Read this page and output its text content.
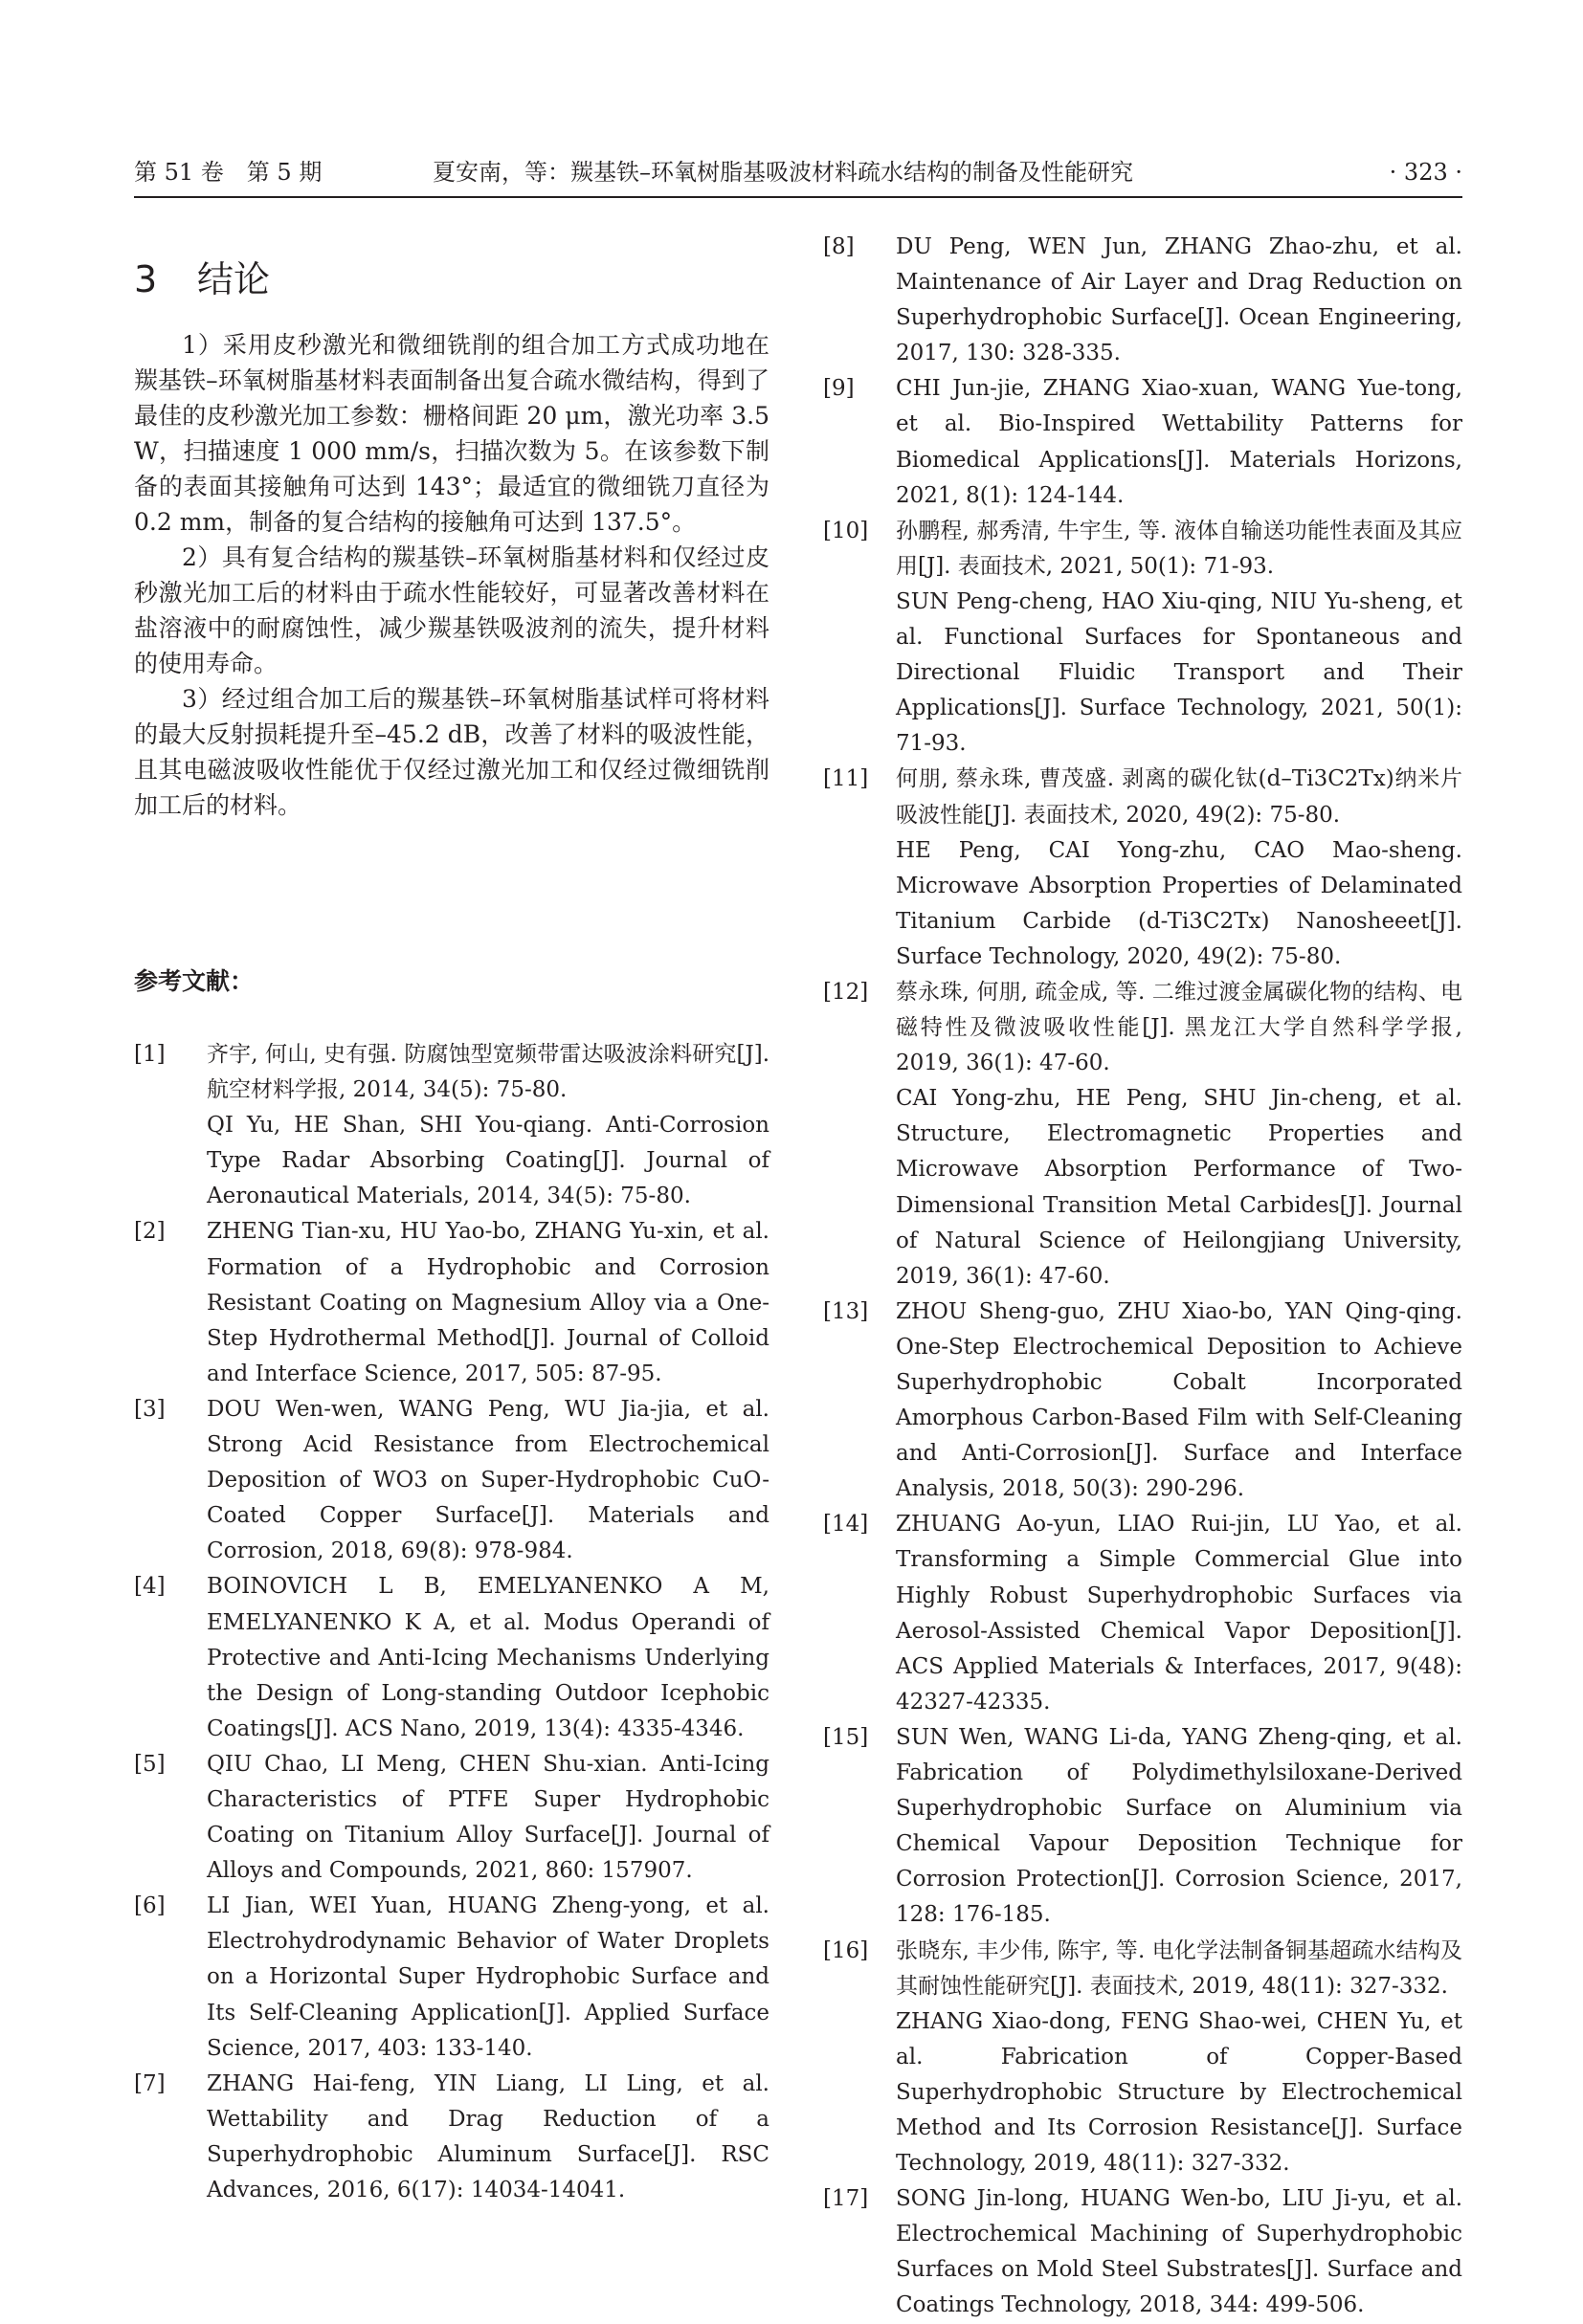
第 51 卷　第 5 期	夏安南，等：羰基铁–环氧树脂基吸波材料疏水结构的制备及性能研究	· 323 ·
3 结论

1）采用皮秒激光和微细铣削的组合加工方式成功地在羰基铁–环氧树脂基材料表面制备出复合疏水微结构，得到了最佳的皮秒激光加工参数：栅格间距 20 μm，激光功率 3.5 W，扫描速度 1 000 mm/s，扫描次数为 5。在该参数下制备的表面其接触角可达到 143°；最适宜的微细铣刀直径为 0.2 mm，制备的复合结构的接触角可达到 137.5°。

2）具有复合结构的羰基铁–环氧树脂基材料和仅经过皮秒激光加工后的材料由于疏水性能较好，可显著改善材料在盐溶液中的耐腐蚀性，减少羰基铁吸波剂的流失，提升材料的使用寿命。

3）经过组合加工后的羰基铁–环氧树脂基试样可将材料的最大反射损耗提升至–45.2 dB，改善了材料的吸波性能，且其电磁波吸收性能优于仅经过激光加工和仅经过微细铣削加工后的材料。

参考文献：
[1] 齐宇, 何山, 史有强. 防腐蚀型宽频带雷达吸波涂料研究[J]. 航空材料学报, 2014, 34(5): 75-80.
QI Yu, HE Shan, SHI You-qiang. Anti-Corrosion Type Radar Absorbing Coating[J]. Journal of Aeronautical Materials, 2014, 34(5): 75-80.
[2] ZHENG Tian-xu, HU Yao-bo, ZHANG Yu-xin, et al. Formation of a Hydrophobic and Corrosion Resistant Coating on Magnesium Alloy via a One-Step Hydrothermal Method[J]. Journal of Colloid and Interface Science, 2017, 505: 87-95.
[3] DOU Wen-wen, WANG Peng, WU Jia-jia, et al. Strong Acid Resistance from Electrochemical Deposition of WO3 on Super-Hydrophobic CuO-Coated Copper Surface[J]. Materials and Corrosion, 2018, 69(8): 978-984.
[4] BOINOVICH L B, EMELYANENKO A M, EMELYANENKO K A, et al. Modus Operandi of Protective and Anti-Icing Mechanisms Underlying the Design of Long-standing Outdoor Icephobic Coatings[J]. ACS Nano, 2019, 13(4): 4335-4346.
[5] QIU Chao, LI Meng, CHEN Shu-xian. Anti-Icing Characteristics of PTFE Super Hydrophobic Coating on Titanium Alloy Surface[J]. Journal of Alloys and Compounds, 2021, 860: 157907.
[6] LI Jian, WEI Yuan, HUANG Zheng-yong, et al. Electrohydrodynamic Behavior of Water Droplets on a Horizontal Super Hydrophobic Surface and Its Self-Cleaning Application[J]. Applied Surface Science, 2017, 403: 133-140.
[7] ZHANG Hai-feng, YIN Liang, LI Ling, et al. Wettability and Drag Reduction of a Superhydrophobic Aluminum Surface[J]. RSC Advances, 2016, 6(17): 14034-14041.
[8] DU Peng, WEN Jun, ZHANG Zhao-zhu, et al. Maintenance of Air Layer and Drag Reduction on Superhydrophobic Surface[J]. Ocean Engineering, 2017, 130: 328-335.
[9] CHI Jun-jie, ZHANG Xiao-xuan, WANG Yue-tong, et al. Bio-Inspired Wettability Patterns for Biomedical Applications[J]. Materials Horizons, 2021, 8(1): 124-144.
[10] 孙鹏程, 郝秀清, 牛宇生, 等. 液体自输送功能性表面及其应用[J]. 表面技术, 2021, 50(1): 71-93.
SUN Peng-cheng, HAO Xiu-qing, NIU Yu-sheng, et al. Functional Surfaces for Spontaneous and Directional Fluidic Transport and Their Applications[J]. Surface Technology, 2021, 50(1): 71-93.
[11] 何朋, 蔡永珠, 曹茂盛. 剥离的碳化钛(d–Ti3C2Tx)纳米片吸波性能[J]. 表面技术, 2020, 49(2): 75-80.
HE Peng, CAI Yong-zhu, CAO Mao-sheng. Microwave Absorption Properties of Delaminated Titanium Carbide (d-Ti3C2Tx) Nanosheeet[J]. Surface Technology, 2020, 49(2): 75-80.
[12] 蔡永珠, 何朋, 疏金成, 等. 二维过渡金属碳化物的结构、电磁特性及微波吸收性能[J]. 黑龙江大学自然科学学报, 2019, 36(1): 47-60.
CAI Yong-zhu, HE Peng, SHU Jin-cheng, et al. Structure, Electromagnetic Properties and Microwave Absorption Performance of Two-Dimensional Transition Metal Carbides[J]. Journal of Natural Science of Heilongjiang University, 2019, 36(1): 47-60.
[13] ZHOU Sheng-guo, ZHU Xiao-bo, YAN Qing-qing. One-Step Electrochemical Deposition to Achieve Superhydrophobic Cobalt Incorporated Amorphous Carbon-Based Film with Self-Cleaning and Anti-Corrosion[J]. Surface and Interface Analysis, 2018, 50(3): 290-296.
[14] ZHUANG Ao-yun, LIAO Rui-jin, LU Yao, et al. Transforming a Simple Commercial Glue into Highly Robust Superhydrophobic Surfaces via Aerosol-Assisted Chemical Vapor Deposition[J]. ACS Applied Materials & Interfaces, 2017, 9(48): 42327-42335.
[15] SUN Wen, WANG Li-da, YANG Zheng-qing, et al. Fabrication of Polydimethylsiloxane-Derived Superhydrophobic Surface on Aluminium via Chemical Vapour Deposition Technique for Corrosion Protection[J]. Corrosion Science, 2017, 128: 176-185.
[16] 张晓东, 丰少伟, 陈宇, 等. 电化学法制备铜基超疏水结构及其耐蚀性能研究[J]. 表面技术, 2019, 48(11): 327-332.
ZHANG Xiao-dong, FENG Shao-wei, CHEN Yu, et al. Fabrication of Copper-Based Superhydrophobic Structure by Electrochemical Method and Its Corrosion Resistance[J]. Surface Technology, 2019, 48(11): 327-332.
[17] SONG Jin-long, HUANG Wen-bo, LIU Ji-yu, et al. Electrochemical Machining of Superhydrophobic Surfaces on Mold Steel Substrates[J]. Surface and Coatings Technology, 2018, 344: 499-506.
